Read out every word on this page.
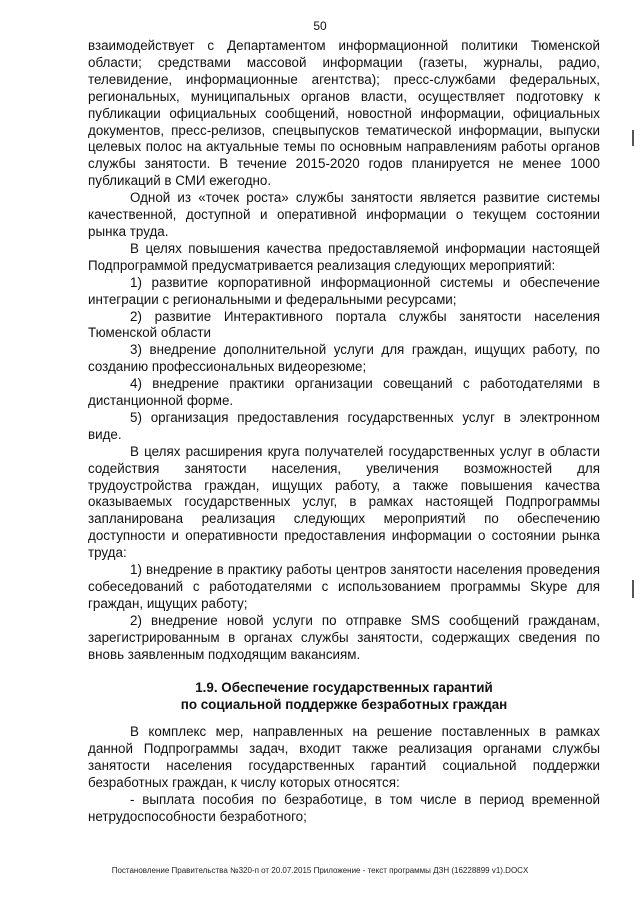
50

взаимодействует с Департаментом информационной политики Тюменской области; средствами массовой информации (газеты, журналы, радио, телевидение, информационные агентства); пресс-службами федеральных, региональных, муниципальных органов власти, осуществляет подготовку к публикации официальных сообщений, новостной информации, официальных документов, пресс-релизов, спецвыпусков тематической информации, выпуски целевых полос на актуальные темы по основным направлениям работы органов службы занятости. В течение 2015-2020 годов планируется не менее 1000 публикаций в СМИ ежегодно.

Одной из «точек роста» службы занятости является развитие системы качественной, доступной и оперативной информации о текущем состоянии рынка труда.

В целях повышения качества предоставляемой информации настоящей Подпрограммой предусматривается реализация следующих мероприятий:

1) развитие корпоративной информационной системы и обеспечение интеграции с региональными и федеральными ресурсами;

2) развитие Интерактивного портала службы занятости населения Тюменской области

3) внедрение дополнительной услуги для граждан, ищущих работу, по созданию профессиональных видеорезюме;

4) внедрение практики организации совещаний с работодателями в дистанционной форме.

5) организация предоставления государственных услуг в электронном виде.

В целях расширения круга получателей государственных услуг в области содействия занятости населения, увеличения возможностей для трудоустройства граждан, ищущих работу, а также повышения качества оказываемых государственных услуг, в рамках настоящей Подпрограммы запланирована реализация следующих мероприятий по обеспечению доступности и оперативности предоставления информации о состоянии рынка труда:

1) внедрение в практику работы центров занятости населения проведения собеседований с работодателями с использованием программы Skype для граждан, ищущих работу;

2) внедрение новой услуги по отправке SMS сообщений гражданам, зарегистрированным в органах службы занятости, содержащих сведения по вновь заявленным подходящим вакансиям.

1.9. Обеспечение государственных гарантий
по социальной поддержке безработных граждан

В комплекс мер, направленных на решение поставленных в рамках данной Подпрограммы задач, входит также реализация органами службы занятости населения государственных гарантий социальной поддержки безработных граждан, к числу которых относятся:

- выплата пособия по безработице, в том числе в период временной нетрудоспособности безработного;

Постановление Правительства №320-п от 20.07.2015 Приложение - текст программы ДЗН (16228899 v1).DOCX
